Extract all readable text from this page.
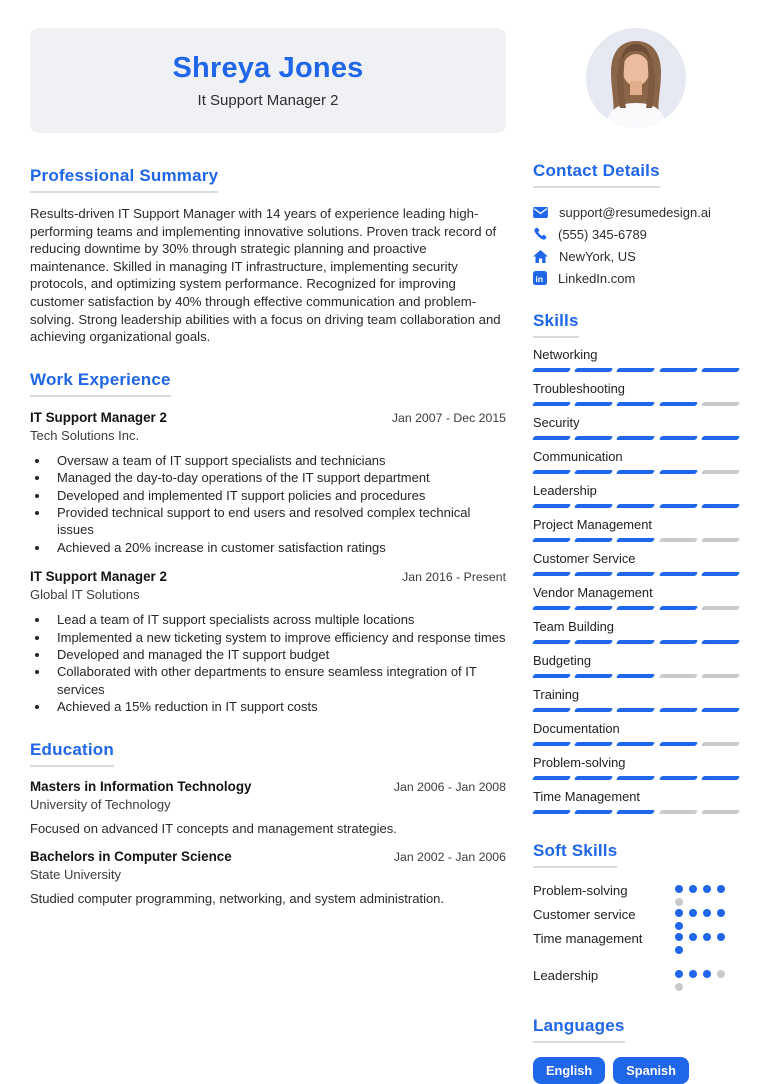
Shreya Jones
It Support Manager 2
Professional Summary

Results-driven IT Support Manager with 14 years of experience leading high-performing teams and implementing innovative solutions. Proven track record of reducing downtime by 30% through strategic planning and proactive maintenance. Skilled in managing IT infrastructure, implementing security protocols, and optimizing system performance. Recognized for improving customer satisfaction by 40% through effective communication and problem-solving. Strong leadership abilities with a focus on driving team collaboration and achieving organizational goals.

Work Experience
IT Support Manager 2	Jan 2007 - Dec 2015
Tech Solutions Inc.
• Oversaw a team of IT support specialists and technicians
• Managed the day-to-day operations of the IT support department
• Developed and implemented IT support policies and procedures
• Provided technical support to end users and resolved complex technical issues
• Achieved a 20% increase in customer satisfaction ratings
IT Support Manager 2	Jan 2016 - Present
Global IT Solutions
• Lead a team of IT support specialists across multiple locations
• Implemented a new ticketing system to improve efficiency and response times
• Developed and managed the IT support budget
• Collaborated with other departments to ensure seamless integration of IT services
• Achieved a 15% reduction in IT support costs
Education
Masters in Information Technology	Jan 2006 - Jan 2008
University of Technology
Focused on advanced IT concepts and management strategies.
Bachelors in Computer Science	Jan 2002 - Jan 2006
State University
Studied computer programming, networking, and system administration.
Contact Details
support@resumedesign.ai
(555) 345-6789
NewYork, US
in LinkedIn.com
Skills
Networking
Troubleshooting
Security
Communication
Leadership
Project Management
Customer Service
Vendor Management
Team Building
Budgeting
Training
Documentation
Problem-solving
Time Management
Soft Skills
Problem-solving
Customer service
Time management
Leadership
Languages
English	Spanish
